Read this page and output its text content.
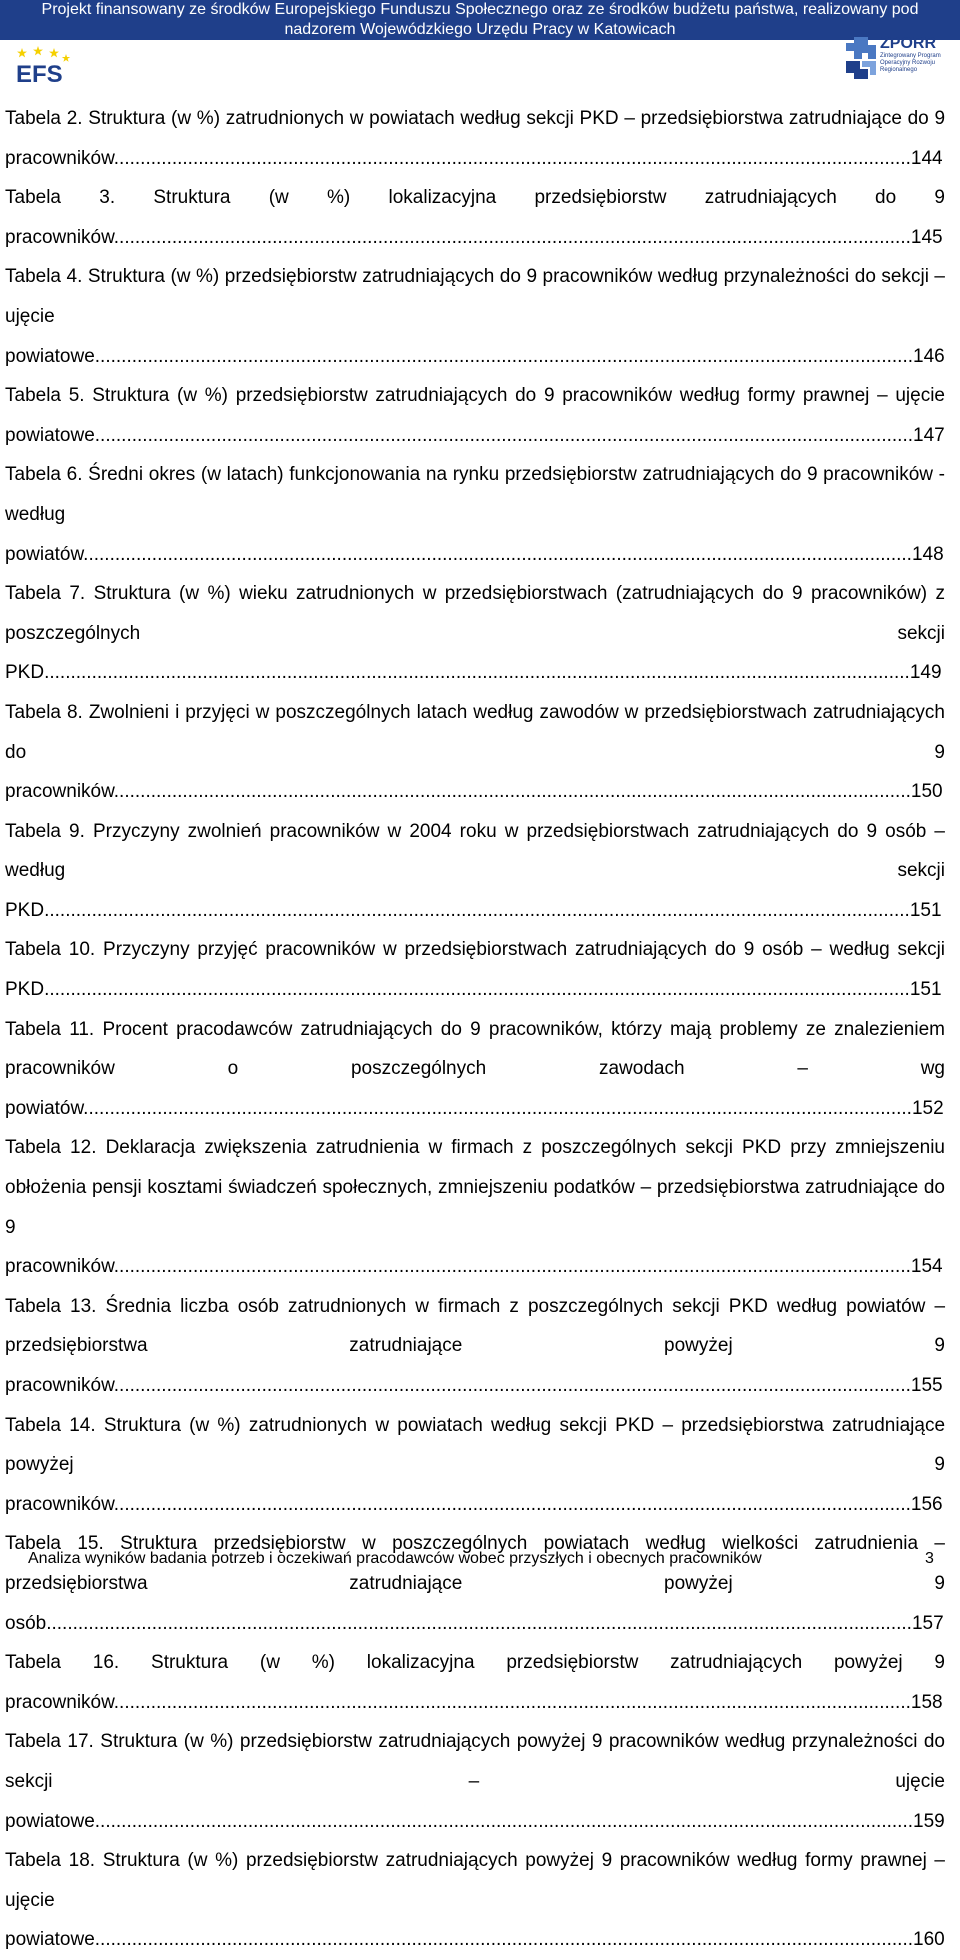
Projekt finansowany ze środków Europejskiego Funduszu Społecznego oraz ze środków budżetu państwa, realizowany pod
nadzorem Wojewódzkiego Urzędu Pracy w Katowicach
EFS
ZPORR
Zintegrowany Program Operacyjny Rozwoju Regionalnego

Tabela 2. Struktura (w %) zatrudnionych w powiatach według sekcji PKD – przedsiębiorstwa zatrudniające do 9 pracowników.......................................................................................................................................................144

Tabela 3. Struktura (w %) lokalizacyjna przedsiębiorstw zatrudniających do 9 pracowników.......................................................................................................................................................145

Tabela 4. Struktura (w %) przedsiębiorstw zatrudniających do 9 pracowników według przynależności do sekcji – ujęcie powiatowe...........................................................................................................................................................146

Tabela 5. Struktura (w %) przedsiębiorstw zatrudniających do 9 pracowników według formy prawnej – ujęcie powiatowe...........................................................................................................................................................147

Tabela 6. Średni okres (w latach) funkcjonowania na rynku przedsiębiorstw zatrudniających do 9 pracowników - według powiatów.............................................................................................................................................................148

Tabela 7. Struktura (w %) wieku zatrudnionych w przedsiębiorstwach (zatrudniających do 9 pracowników) z poszczególnych sekcji PKD....................................................................................................................................................................149

Tabela 8. Zwolnieni i przyjęci w poszczególnych latach według zawodów w przedsiębiorstwach zatrudniających do 9 pracowników.......................................................................................................................................................150

Tabela 9. Przyczyny zwolnień pracowników w 2004 roku w przedsiębiorstwach zatrudniających do 9 osób – według sekcji PKD....................................................................................................................................................................151

Tabela 10. Przyczyny przyjęć pracowników w przedsiębiorstwach zatrudniających do 9 osób – według sekcji PKD....................................................................................................................................................................151

Tabela 11. Procent pracodawców zatrudniających do 9 pracowników, którzy mają problemy ze znalezieniem pracowników o poszczególnych zawodach – wg powiatów.............................................................................................................................................................152

Tabela 12. Deklaracja zwiększenia zatrudnienia w firmach z poszczególnych sekcji PKD przy zmniejszeniu obłożenia pensji kosztami świadczeń społecznych, zmniejszeniu podatków – przedsiębiorstwa zatrudniające do 9 pracowników.......................................................................................................................................................154

Tabela 13. Średnia liczba osób zatrudnionych w firmach z poszczególnych sekcji PKD według powiatów – przedsiębiorstwa zatrudniające powyżej 9 pracowników.......................................................................................................................................................155

Tabela 14. Struktura (w %) zatrudnionych w powiatach według sekcji PKD – przedsiębiorstwa zatrudniające powyżej 9 pracowników.......................................................................................................................................................156

Tabela 15. Struktura przedsiębiorstw w poszczególnych powiatach według wielkości zatrudnienia – przedsiębiorstwa zatrudniające powyżej 9 osób....................................................................................................................................................................157

Tabela 16. Struktura (w %) lokalizacyjna przedsiębiorstw zatrudniających powyżej 9 pracowników.......................................................................................................................................................158

Tabela 17. Struktura (w %) przedsiębiorstw zatrudniających powyżej 9 pracowników według przynależności do sekcji – ujęcie powiatowe...........................................................................................................................................................159

Tabela 18. Struktura (w %) przedsiębiorstw zatrudniających powyżej 9 pracowników według formy prawnej – ujęcie powiatowe...........................................................................................................................................................160

Analiza wyników badania potrzeb i oczekiwań pracodawców wobec przyszłych i obecnych pracowników	3
